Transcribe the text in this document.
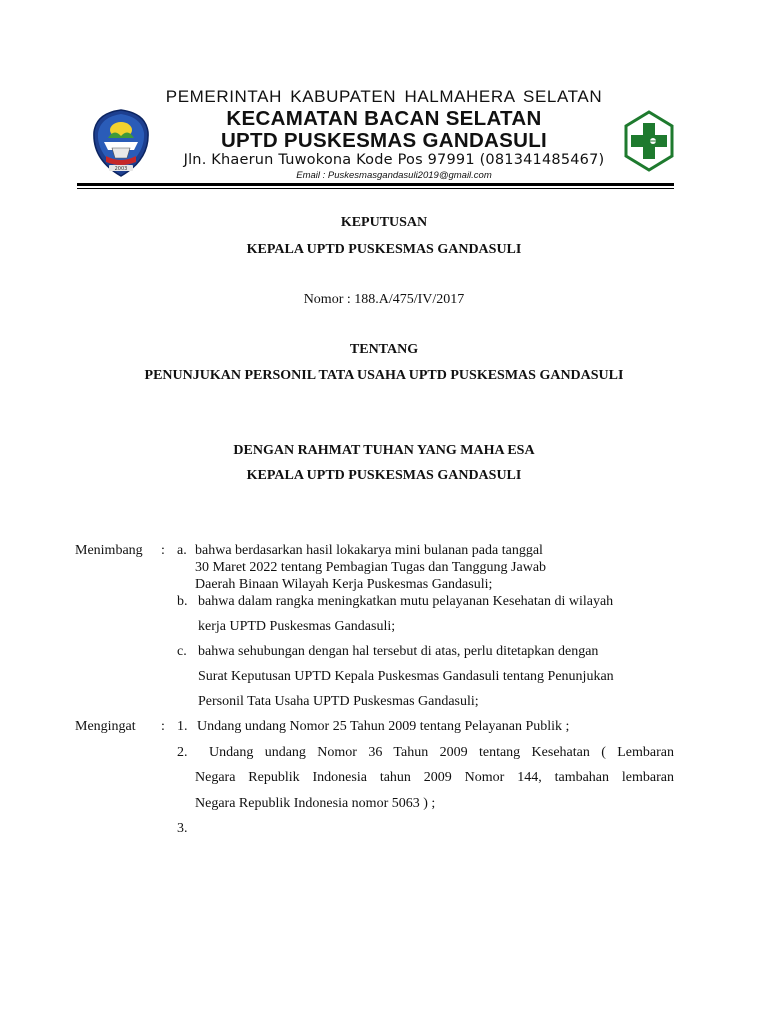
2003
PEMERINTAH KABUPATEN HALMAHERA SELATAN
KECAMATAN BACAN SELATAN
UPTD PUSKESMAS GANDASULI
Jln. Khaerun Tuwokona Kode Pos 97991 (081341485467)
Email : Puskesmasgandasuli2019@gmail.com
KEPUTUSAN
KEPALA UPTD PUSKESMAS GANDASULI
Nomor : 188.A/475/IV/2017
TENTANG
PENUNJUKAN PERSONIL TATA USAHA UPTD PUSKESMAS GANDASULI
DENGAN RAHMAT TUHAN YANG MAHA ESA
KEPALA UPTD PUSKESMAS GANDASULI
Menimbang : a. bahwa berdasarkan hasil lokakarya mini bulanan pada tanggal
30 Maret 2022 tentang Pembagian Tugas dan Tanggung Jawab
Daerah Binaan Wilayah Kerja Puskesmas Gandasuli;
b. bahwa dalam rangka meningkatkan mutu pelayanan Kesehatan di wilayah
kerja UPTD Puskesmas Gandasuli;
c. bahwa sehubungan dengan hal tersebut di atas, perlu ditetapkan dengan
Surat Keputusan UPTD Kepala Puskesmas Gandasuli tentang Penunjukan
Personil Tata Usaha UPTD Puskesmas Gandasuli;
Mengingat : 1. Undang undang Nomor 25 Tahun 2009 tentang Pelayanan Publik ;
2. Undang undang Nomor 36 Tahun 2009 tentang Kesehatan ( Lembaran
Negara Republik Indonesia tahun 2009 Nomor 144, tambahan lembaran
Negara Republik Indonesia nomor 5063 ) ;
3.
